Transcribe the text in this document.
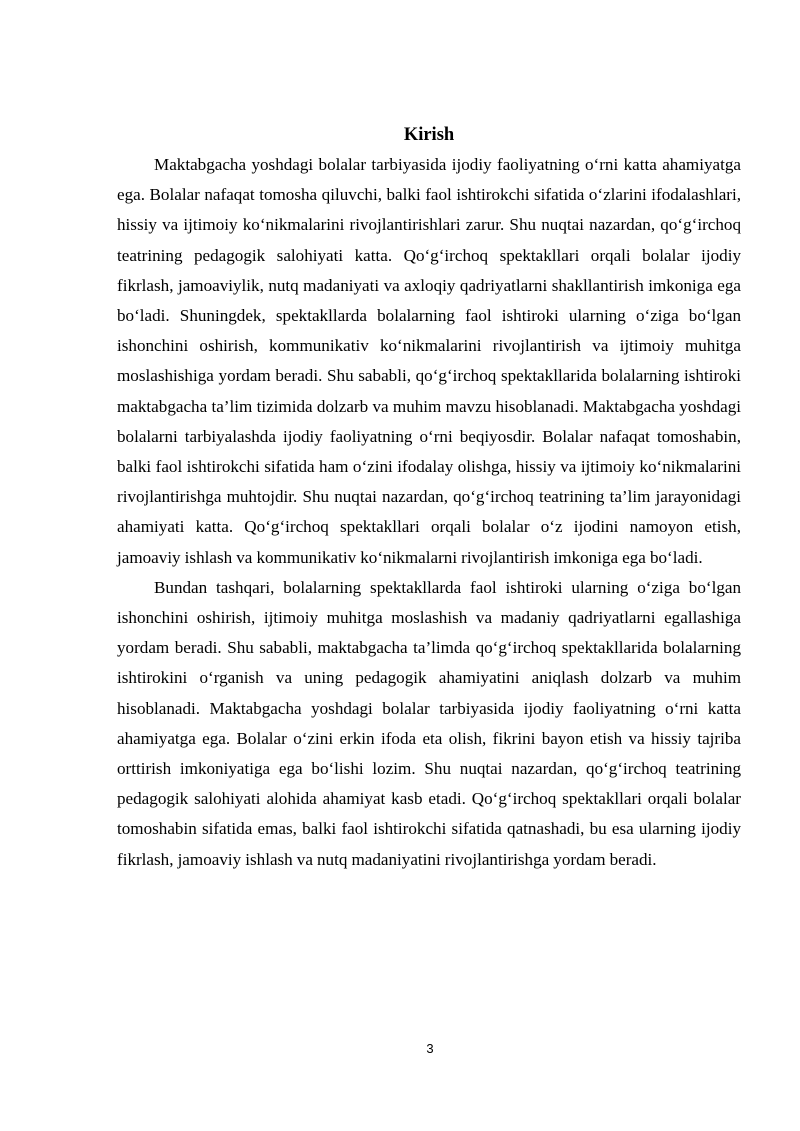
Kirish

Maktabgacha yoshdagi bolalar tarbiyasida ijodiy faoliyatning o‘rni katta ahamiyatga ega. Bolalar nafaqat tomosha qiluvchi, balki faol ishtirokchi sifatida o‘zlarini ifodalashlari, hissiy va ijtimoiy ko‘nikmalarini rivojlantirishlari zarur. Shu nuqtai nazardan, qo‘g‘irchoq teatrining pedagogik salohiyati katta. Qo‘g‘irchoq spektakllari orqali bolalar ijodiy fikrlash, jamoaviylik, nutq madaniyati va axloqiy qadriyatlarni shakllantirish imkoniga ega bo‘ladi. Shuningdek, spektakllarda bolalarning faol ishtiroki ularning o‘ziga bo‘lgan ishonchini oshirish, kommunikativ ko‘nikmalarini rivojlantirish va ijtimoiy muhitga moslashishiga yordam beradi. Shu sababli, qo‘g‘irchoq spektakllarida bolalarning ishtiroki maktabgacha ta’lim tizimida dolzarb va muhim mavzu hisoblanadi. Maktabgacha yoshdagi bolalarni tarbiyalashda ijodiy faoliyatning o‘rni beqiyosdir. Bolalar nafaqat tomoshabin, balki faol ishtirokchi sifatida ham o‘zini ifodalay olishga, hissiy va ijtimoiy ko‘nikmalarini rivojlantirishga muhtojdir. Shu nuqtai nazardan, qo‘g‘irchoq teatrining ta’lim jarayonidagi ahamiyati katta. Qo‘g‘irchoq spektakllari orqali bolalar o‘z ijodini namoyon etish, jamoaviy ishlash va kommunikativ ko‘nikmalarni rivojlantirish imkoniga ega bo‘ladi.

Bundan tashqari, bolalarning spektakllarda faol ishtiroki ularning o‘ziga bo‘lgan ishonchini oshirish, ijtimoiy muhitga moslashish va madaniy qadriyatlarni egallashiga yordam beradi. Shu sababli, maktabgacha ta’limda qo‘g‘irchoq spektakllarida bolalarning ishtirokini o‘rganish va uning pedagogik ahamiyatini aniqlash dolzarb va muhim hisoblanadi. Maktabgacha yoshdagi bolalar tarbiyasida ijodiy faoliyatning o‘rni katta ahamiyatga ega. Bolalar o‘zini erkin ifoda eta olish, fikrini bayon etish va hissiy tajriba orttirish imkoniyatiga ega bo‘lishi lozim. Shu nuqtai nazardan, qo‘g‘irchoq teatrining pedagogik salohiyati alohida ahamiyat kasb etadi. Qo‘g‘irchoq spektakllari orqali bolalar tomoshabin sifatida emas, balki faol ishtirokchi sifatida qatnashadi, bu esa ularning ijodiy fikrlash, jamoaviy ishlash va nutq madaniyatini rivojlantirishga yordam beradi.

3
